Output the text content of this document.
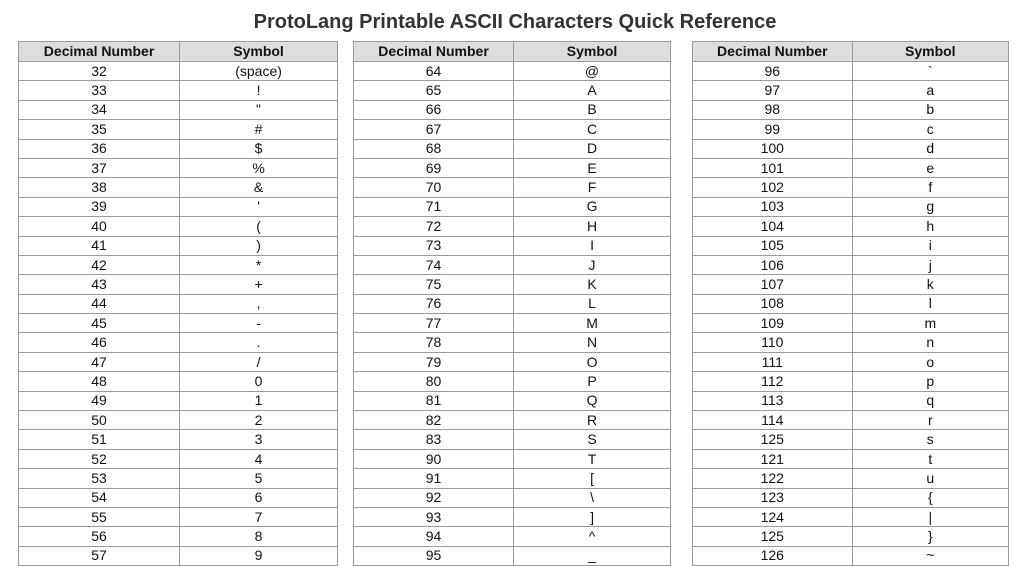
ProtoLang Printable ASCII Characters Quick Reference
Decimal Number	Symbol
32	(space)
33	!
34	"
35	#
36	$
37	%
38	&
39	'
40	(
41	)
42	*
43	+
44	,
45	-
46	.
47	/
48	0
49	1
50	2
51	3
52	4
53	5
54	6
55	7
56	8
57	9
Decimal Number	Symbol
64	@
65	A
66	B
67	C
68	D
69	E
70	F
71	G
72	H
73	I
74	J
75	K
76	L
77	M
78	N
79	O
80	P
81	Q
82	R
83	S
90	T
91	[
92	\
93	]
94	^
95	_
Decimal Number	Symbol
96	`
97	a
98	b
99	c
100	d
101	e
102	f
103	g
104	h
105	i
106	j
107	k
108	l
109	m
110	n
111	o
112	p
113	q
114	r
125	s
121	t
122	u
123	{
124	|
125	}
126	~
